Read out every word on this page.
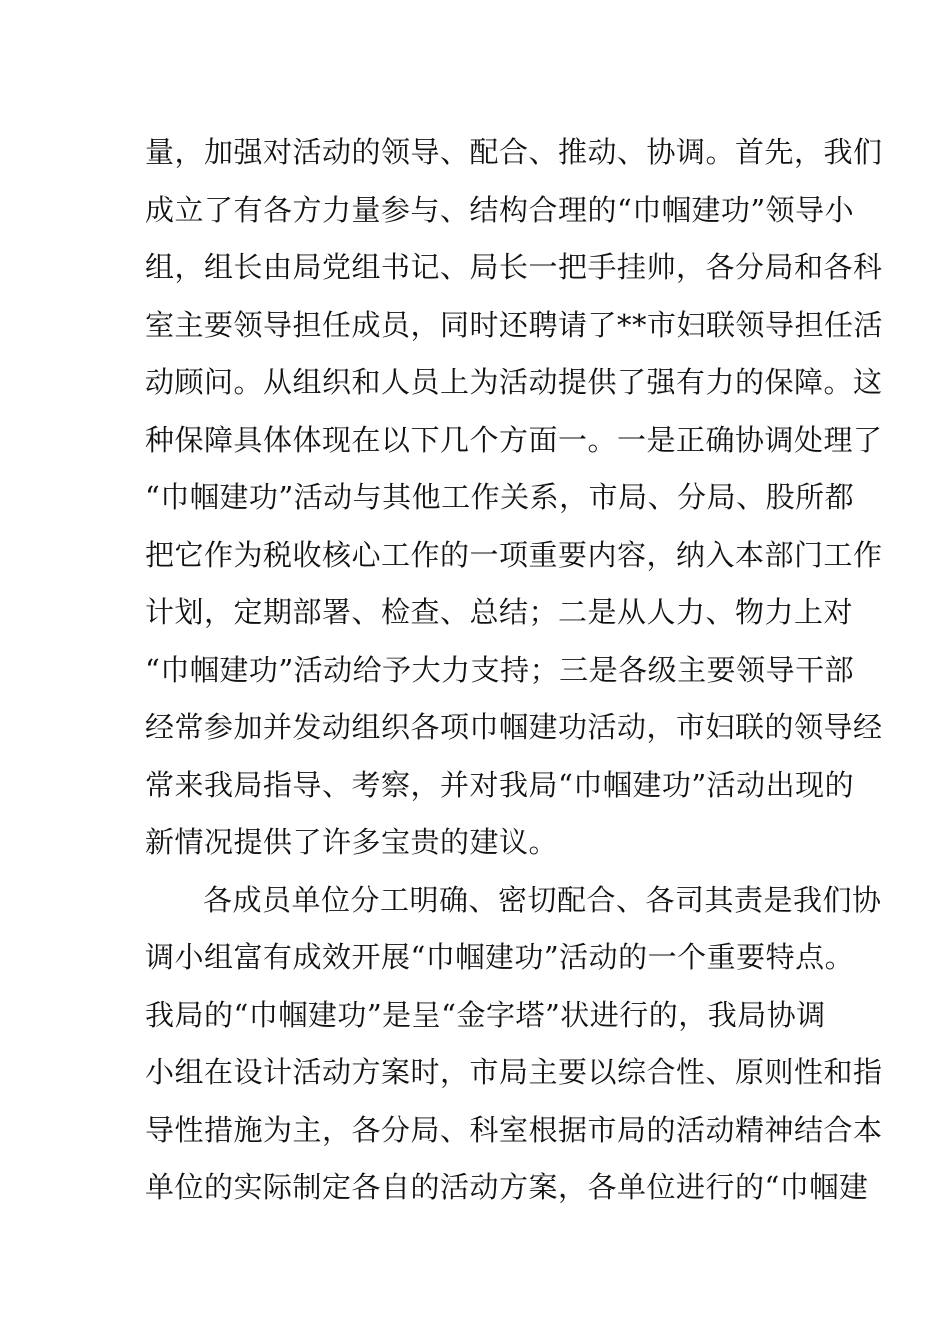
量，加强对活动的领导、配合、推动、协调。首先，我们
成立了有各方力量参与、结构合理的“巾帼建功”领导小
组，组长由局党组书记、局长一把手挂帅，各分局和各科
室主要领导担任成员，同时还聘请了**市妇联领导担任活
动顾问。从组织和人员上为活动提供了强有力的保障。这
种保障具体体现在以下几个方面一。一是正确协调处理了
“巾帼建功”活动与其他工作关系，市局、分局、股所都
把它作为税收核心工作的一项重要内容，纳入本部门工作
计划，定期部署、检查、总结；二是从人力、物力上对
“巾帼建功”活动给予大力支持；三是各级主要领导干部
经常参加并发动组织各项巾帼建功活动，市妇联的领导经
常来我局指导、考察，并对我局“巾帼建功”活动出现的
新情况提供了许多宝贵的建议。
各成员单位分工明确、密切配合、各司其责是我们协
调小组富有成效开展“巾帼建功”活动的一个重要特点。
我局的“巾帼建功”是呈“金字塔”状进行的，我局协调
小组在设计活动方案时，市局主要以综合性、原则性和指
导性措施为主，各分局、科室根据市局的活动精神结合本
单位的实际制定各自的活动方案，各单位进行的“巾帼建
